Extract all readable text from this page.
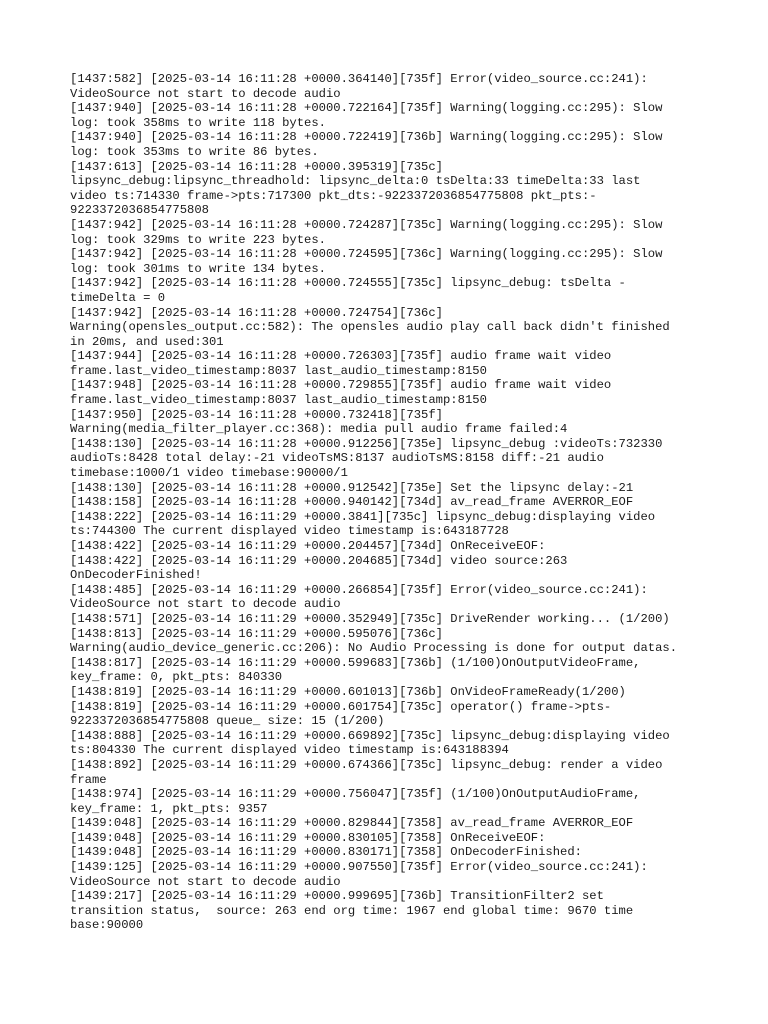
[1437:582] [2025-03-14 16:11:28 +0000.364140][735f] Error(video_source.cc:241):
VideoSource not start to decode audio
[1437:940] [2025-03-14 16:11:28 +0000.722164][735f] Warning(logging.cc:295): Slow
log: took 358ms to write 118 bytes.
[1437:940] [2025-03-14 16:11:28 +0000.722419][736b] Warning(logging.cc:295): Slow
log: took 353ms to write 86 bytes.
[1437:613] [2025-03-14 16:11:28 +0000.395319][735c]
lipsync_debug:lipsync_threadhold: lipsync_delta:0 tsDelta:33 timeDelta:33 last
video ts:714330 frame->pts:717300 pkt_dts:-9223372036854775808 pkt_pts:-
9223372036854775808
[1437:942] [2025-03-14 16:11:28 +0000.724287][735c] Warning(logging.cc:295): Slow
log: took 329ms to write 223 bytes.
[1437:942] [2025-03-14 16:11:28 +0000.724595][736c] Warning(logging.cc:295): Slow
log: took 301ms to write 134 bytes.
[1437:942] [2025-03-14 16:11:28 +0000.724555][735c] lipsync_debug: tsDelta -
timeDelta = 0
[1437:942] [2025-03-14 16:11:28 +0000.724754][736c]
Warning(opensles_output.cc:582): The opensles audio play call back didn't finished
in 20ms, and used:301
[1437:944] [2025-03-14 16:11:28 +0000.726303][735f] audio frame wait video
frame.last_video_timestamp:8037 last_audio_timestamp:8150
[1437:948] [2025-03-14 16:11:28 +0000.729855][735f] audio frame wait video
frame.last_video_timestamp:8037 last_audio_timestamp:8150
[1437:950] [2025-03-14 16:11:28 +0000.732418][735f]
Warning(media_filter_player.cc:368): media pull audio frame failed:4
[1438:130] [2025-03-14 16:11:28 +0000.912256][735e] lipsync_debug :videoTs:732330
audioTs:8428 total delay:-21 videoTsMS:8137 audioTsMS:8158 diff:-21 audio
timebase:1000/1 video timebase:90000/1
[1438:130] [2025-03-14 16:11:28 +0000.912542][735e] Set the lipsync delay:-21
[1438:158] [2025-03-14 16:11:28 +0000.940142][734d] av_read_frame AVERROR_EOF
[1438:222] [2025-03-14 16:11:29 +0000.3841][735c] lipsync_debug:displaying video
ts:744300 The current displayed video timestamp is:643187728
[1438:422] [2025-03-14 16:11:29 +0000.204457][734d] OnReceiveEOF:
[1438:422] [2025-03-14 16:11:29 +0000.204685][734d] video source:263
OnDecoderFinished!
[1438:485] [2025-03-14 16:11:29 +0000.266854][735f] Error(video_source.cc:241):
VideoSource not start to decode audio
[1438:571] [2025-03-14 16:11:29 +0000.352949][735c] DriveRender working... (1/200)
[1438:813] [2025-03-14 16:11:29 +0000.595076][736c]
Warning(audio_device_generic.cc:206): No Audio Processing is done for output datas.
[1438:817] [2025-03-14 16:11:29 +0000.599683][736b] (1/100)OnOutputVideoFrame,
key_frame: 0, pkt_pts: 840330
[1438:819] [2025-03-14 16:11:29 +0000.601013][736b] OnVideoFrameReady(1/200)
[1438:819] [2025-03-14 16:11:29 +0000.601754][735c] operator() frame->pts-
9223372036854775808 queue_ size: 15 (1/200)
[1438:888] [2025-03-14 16:11:29 +0000.669892][735c] lipsync_debug:displaying video
ts:804330 The current displayed video timestamp is:643188394
[1438:892] [2025-03-14 16:11:29 +0000.674366][735c] lipsync_debug: render a video
frame
[1438:974] [2025-03-14 16:11:29 +0000.756047][735f] (1/100)OnOutputAudioFrame,
key_frame: 1, pkt_pts: 9357
[1439:048] [2025-03-14 16:11:29 +0000.829844][7358] av_read_frame AVERROR_EOF
[1439:048] [2025-03-14 16:11:29 +0000.830105][7358] OnReceiveEOF:
[1439:048] [2025-03-14 16:11:29 +0000.830171][7358] OnDecoderFinished:
[1439:125] [2025-03-14 16:11:29 +0000.907550][735f] Error(video_source.cc:241):
VideoSource not start to decode audio
[1439:217] [2025-03-14 16:11:29 +0000.999695][736b] TransitionFilter2 set
transition status,  source: 263 end org time: 1967 end global time: 9670 time
base:90000
